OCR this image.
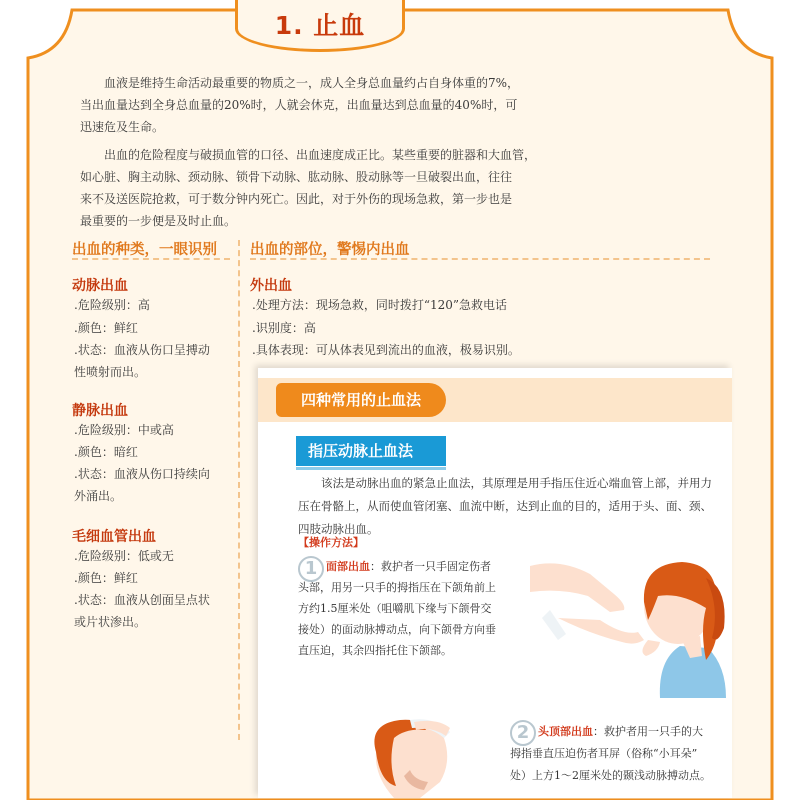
1. 止血

血液是维持生命活动最重要的物质之一，成人全身总血量约占自身体重的7%，
当出血量达到全身总血量的20%时，人就会休克，出血量达到总血量的40%时，可
迅速危及生命。

出血的危险程度与破损血管的口径、出血速度成正比。某些重要的脏器和大血管，
如心脏、胸主动脉、颈动脉、锁骨下动脉、肱动脉、股动脉等一旦破裂出血，往往
来不及送医院抢救，可于数分钟内死亡。因此，对于外伤的现场急救，第一步也是
最重要的一步便是及时止血。

出血的种类，一眼识别 出血的部位，警惕内出血
动脉出血
.危险级别：高
.颜色：鲜红
.状态：血液从伤口呈搏动
性喷射而出。
静脉出血
.危险级别：中或高
.颜色：暗红
.状态：血液从伤口持续向
外涌出。
毛细血管出血
.危险级别：低或无
.颜色：鲜红
.状态：血液从创面呈点状
或片状渗出。
外出血
.处理方法：现场急救，同时拨打“120”急救电话
.识别度：高
.具体表现：可从体表见到流出的血液，极易识别。
四种常用的止血法
指压动脉止血法

该法是动脉出血的紧急止血法，其原理是用手指压住近心端血管上部，并用力

压在骨骼上，从而使血管闭塞、血流中断，达到止血的目的，适用于头、面、颈、

四肢动脉出血。

【操作方法】
1 面部出血：救护者一只手固定伤者

头部，用另一只手的拇指压在下颌角前上
方约1.5厘米处（咀嚼肌下缘与下颌骨交
接处）的面动脉搏动点，向下颌骨方向垂
直压迫，其余四指托住下颌部。
2 头顶部出血：救护者用一只手的大
拇指垂直压迫伤者耳屏（俗称“小耳朵”
处）上方1～2厘米处的颞浅动脉搏动点。
